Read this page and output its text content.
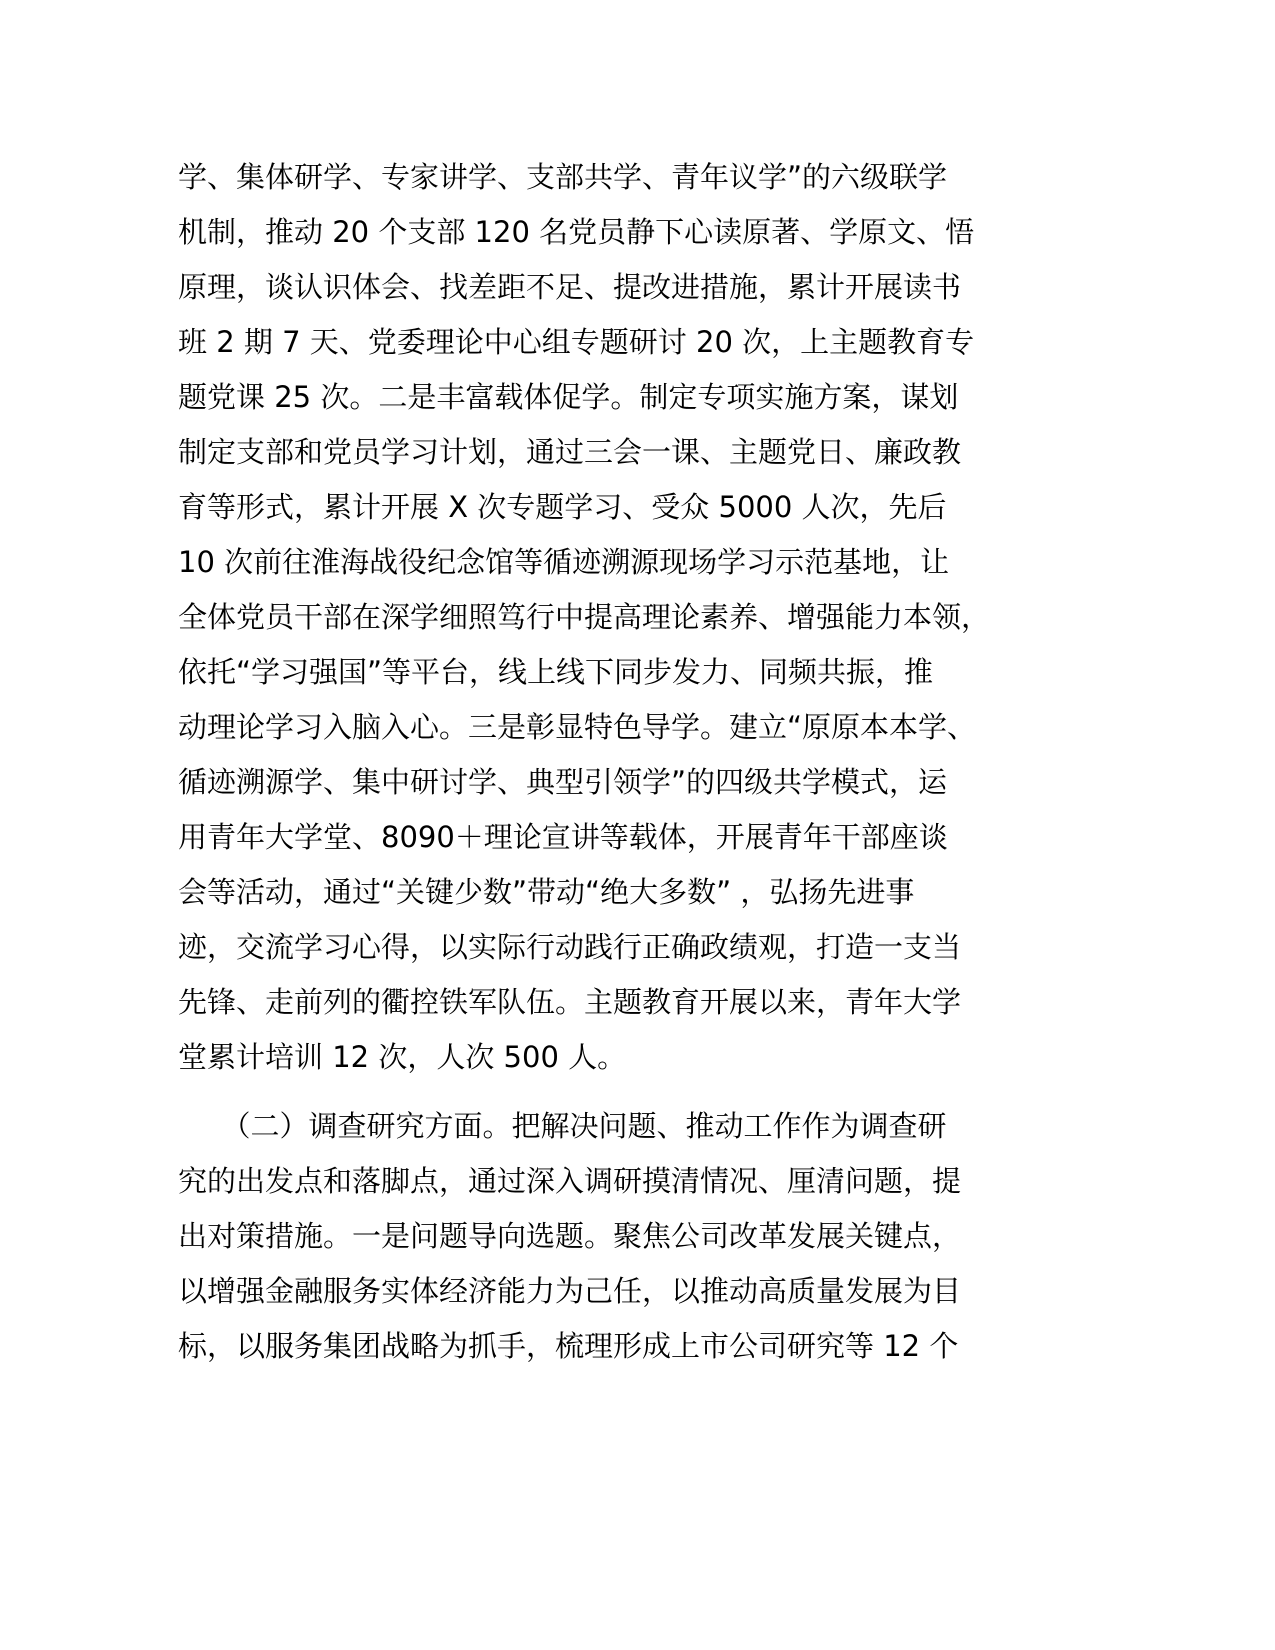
学、集体研学、专家讲学、支部共学、青年议学”的六级联学
机制，推动 20 个支部 120 名党员静下心读原著、学原文、悟
原理，谈认识体会、找差距不足、提改进措施，累计开展读书
班 2 期 7 天、党委理论中心组专题研讨 20 次，上主题教育专
题党课 25 次。二是丰富载体促学。制定专项实施方案，谋划
制定支部和党员学习计划，通过三会一课、主题党日、廉政教
育等形式，累计开展 X 次专题学习、受众 5000 人次，先后
10 次前往淮海战役纪念馆等循迹溯源现场学习示范基地，让
全体党员干部在深学细照笃行中提高理论素养、增强能力本领，
依托“学习强国”等平台，线上线下同步发力、同频共振，推
动理论学习入脑入心。三是彰显特色导学。建立“原原本本学、
循迹溯源学、集中研讨学、典型引领学”的四级共学模式，运
用青年大学堂、8090＋理论宣讲等载体，开展青年干部座谈
会等活动，通过“关键少数”带动“绝大多数” ，弘扬先进事
迹，交流学习心得，以实际行动践行正确政绩观，打造一支当
先锋、走前列的衢控铁军队伍。主题教育开展以来，青年大学
堂累计培训 12 次，人次 500 人。
　　（二）调查研究方面。把解决问题、推动工作作为调查研
究的出发点和落脚点，通过深入调研摸清情况、厘清问题，提
出对策措施。一是问题导向选题。聚焦公司改革发展关键点，
以增强金融服务实体经济能力为己任，以推动高质量发展为目
标，以服务集团战略为抓手，梳理形成上市公司研究等 12 个
